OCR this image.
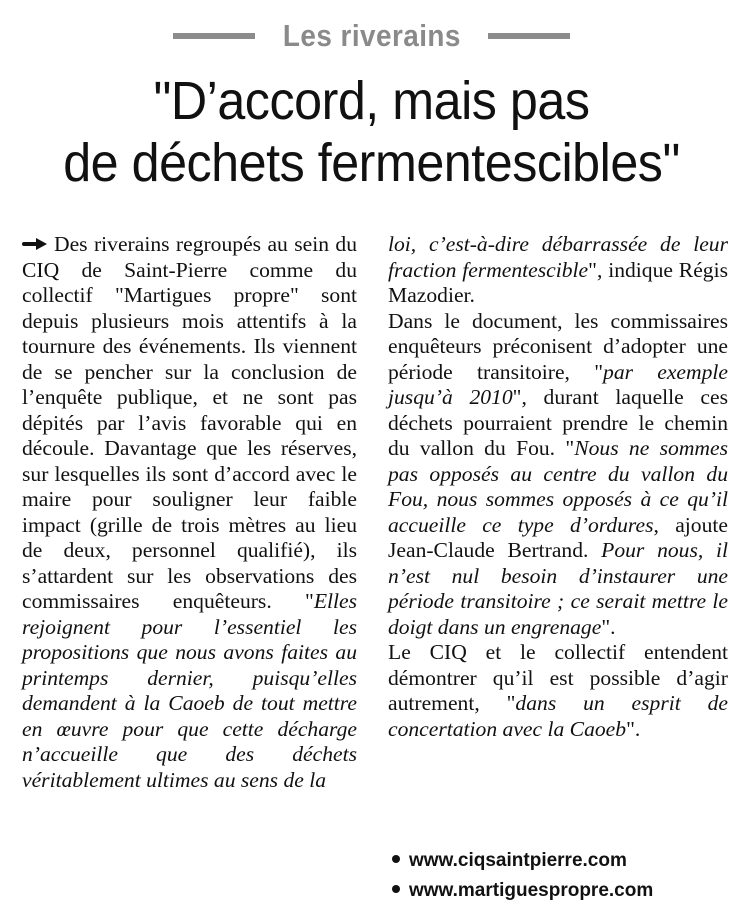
Les riverains
"D’accord, mais pas
de déchets fermentescibles"

Des riverains regroupés au sein du CIQ de Saint-Pierre comme du collectif "Martigues propre" sont depuis plusieurs mois attentifs à la tournure des événements. Ils viennent de se pencher sur la conclusion de l’enquête publique, et ne sont pas dépités par l’avis favorable qui en découle. Davantage que les réserves, sur lesquelles ils sont d’accord avec le maire pour souligner leur faible impact (grille de trois mètres au lieu de deux, personnel qualifié), ils s’attardent sur les observations des commissaires enquêteurs. "Elles rejoignent pour l’essentiel les propositions que nous avons faites au printemps dernier, puisqu’elles demandent à la Caoeb de tout mettre en œuvre pour que cette décharge n’accueille que des déchets véritablement ultimes au sens de la

loi, c’est-à-dire débarrassée de leur fraction fermentescible", indique Régis Mazodier.

Dans le document, les commissaires enquêteurs préconisent d’adopter une période transitoire, "par exemple jusqu’à 2010", durant laquelle ces déchets pourraient prendre le chemin du vallon du Fou. "Nous ne sommes pas opposés au centre du vallon du Fou, nous sommes opposés à ce qu’il accueille ce type d’ordures, ajoute Jean-Claude Bertrand. Pour nous, il n’est nul besoin d’instaurer une période transitoire ; ce serait mettre le doigt dans un engrenage".

Le CIQ et le collectif entendent démontrer qu’il est possible d’agir autrement, "dans un esprit de concertation avec la Caoeb".

www.ciqsaintpierre.com
www.martiguespropre.com
